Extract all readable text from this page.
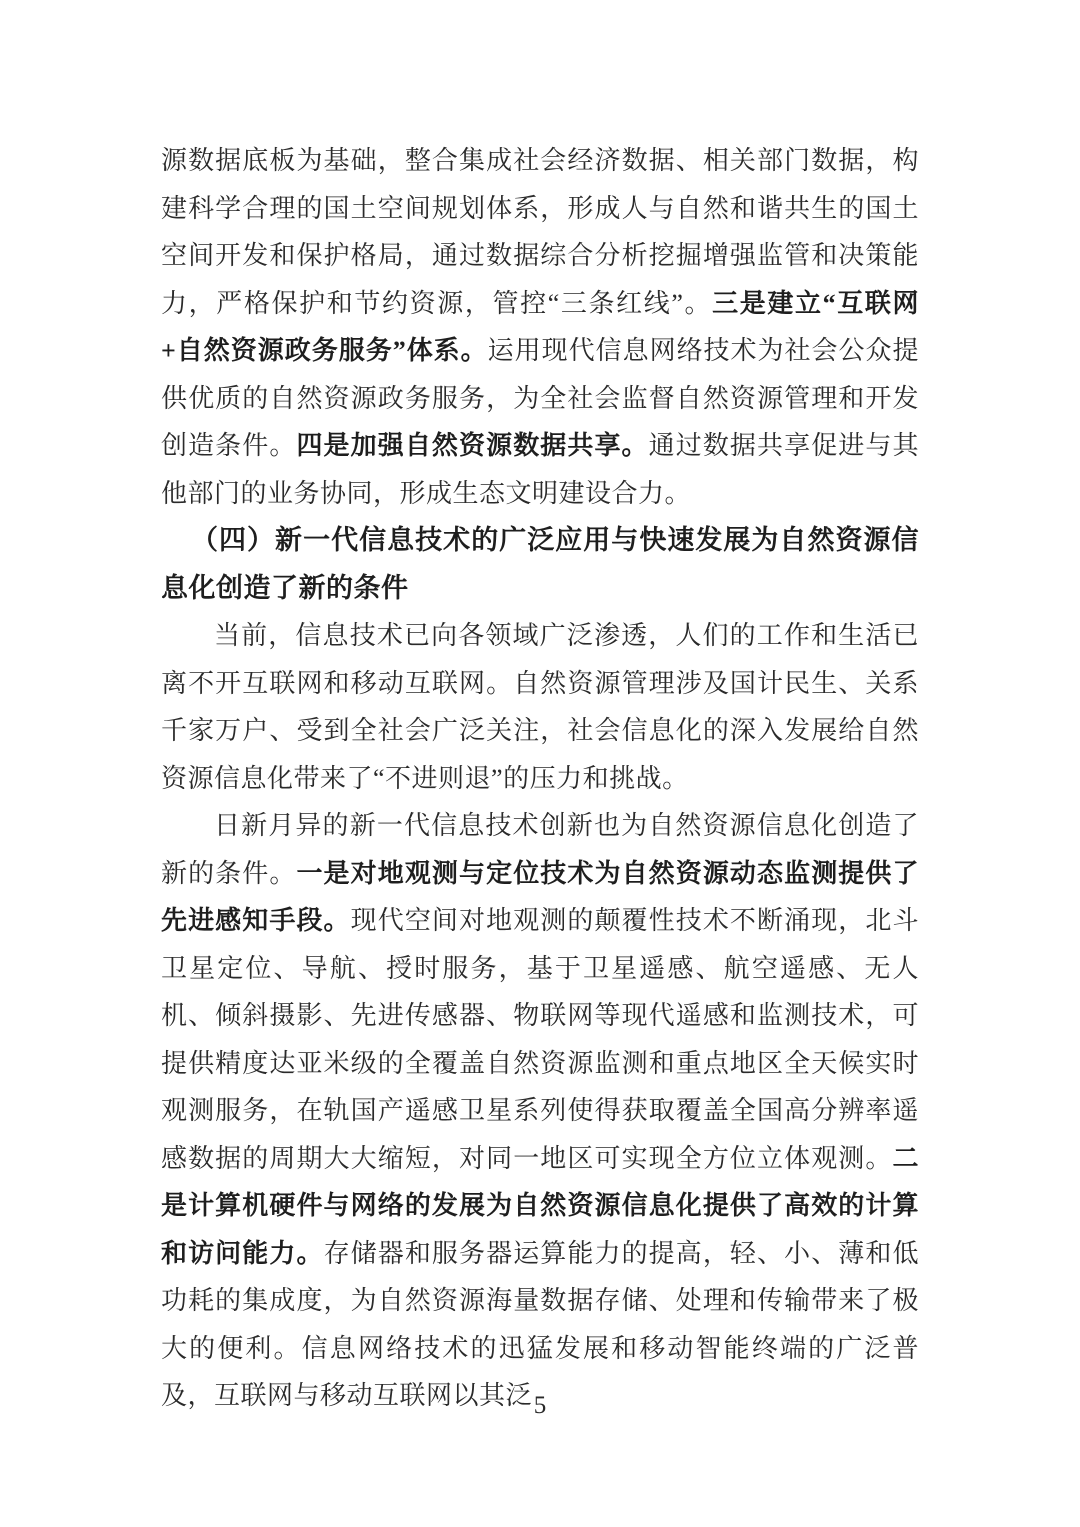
源数据底板为基础，整合集成社会经济数据、相关部门数据，构建科学合理的国土空间规划体系，形成人与自然和谐共生的国土空间开发和保护格局，通过数据综合分析挖掘增强监管和决策能力，严格保护和节约资源，管控“三条红线”。三是建立“互联网+自然资源政务服务”体系。运用现代信息网络技术为社会公众提供优质的自然资源政务服务，为全社会监督自然资源管理和开发创造条件。四是加强自然资源数据共享。通过数据共享促进与其他部门的业务协同，形成生态文明建设合力。

（四）新一代信息技术的广泛应用与快速发展为自然资源信息化创造了新的条件

当前，信息技术已向各领域广泛渗透，人们的工作和生活已离不开互联网和移动互联网。自然资源管理涉及国计民生、关系千家万户、受到全社会广泛关注，社会信息化的深入发展给自然资源信息化带来了“不进则退”的压力和挑战。

日新月异的新一代信息技术创新也为自然资源信息化创造了新的条件。一是对地观测与定位技术为自然资源动态监测提供了先进感知手段。现代空间对地观测的颠覆性技术不断涌现，北斗卫星定位、导航、授时服务，基于卫星遥感、航空遥感、无人机、倾斜摄影、先进传感器、物联网等现代遥感和监测技术，可提供精度达亚米级的全覆盖自然资源监测和重点地区全天候实时观测服务，在轨国产遥感卫星系列使得获取覆盖全国高分辨率遥感数据的周期大大缩短，对同一地区可实现全方位立体观测。二是计算机硬件与网络的发展为自然资源信息化提供了高效的计算和访问能力。存储器和服务器运算能力的提高，轻、小、薄和低功耗的集成度，为自然资源海量数据存储、处理和传输带来了极大的便利。信息网络技术的迅猛发展和移动智能终端的广泛普及，互联网与移动互联网以其泛 5
